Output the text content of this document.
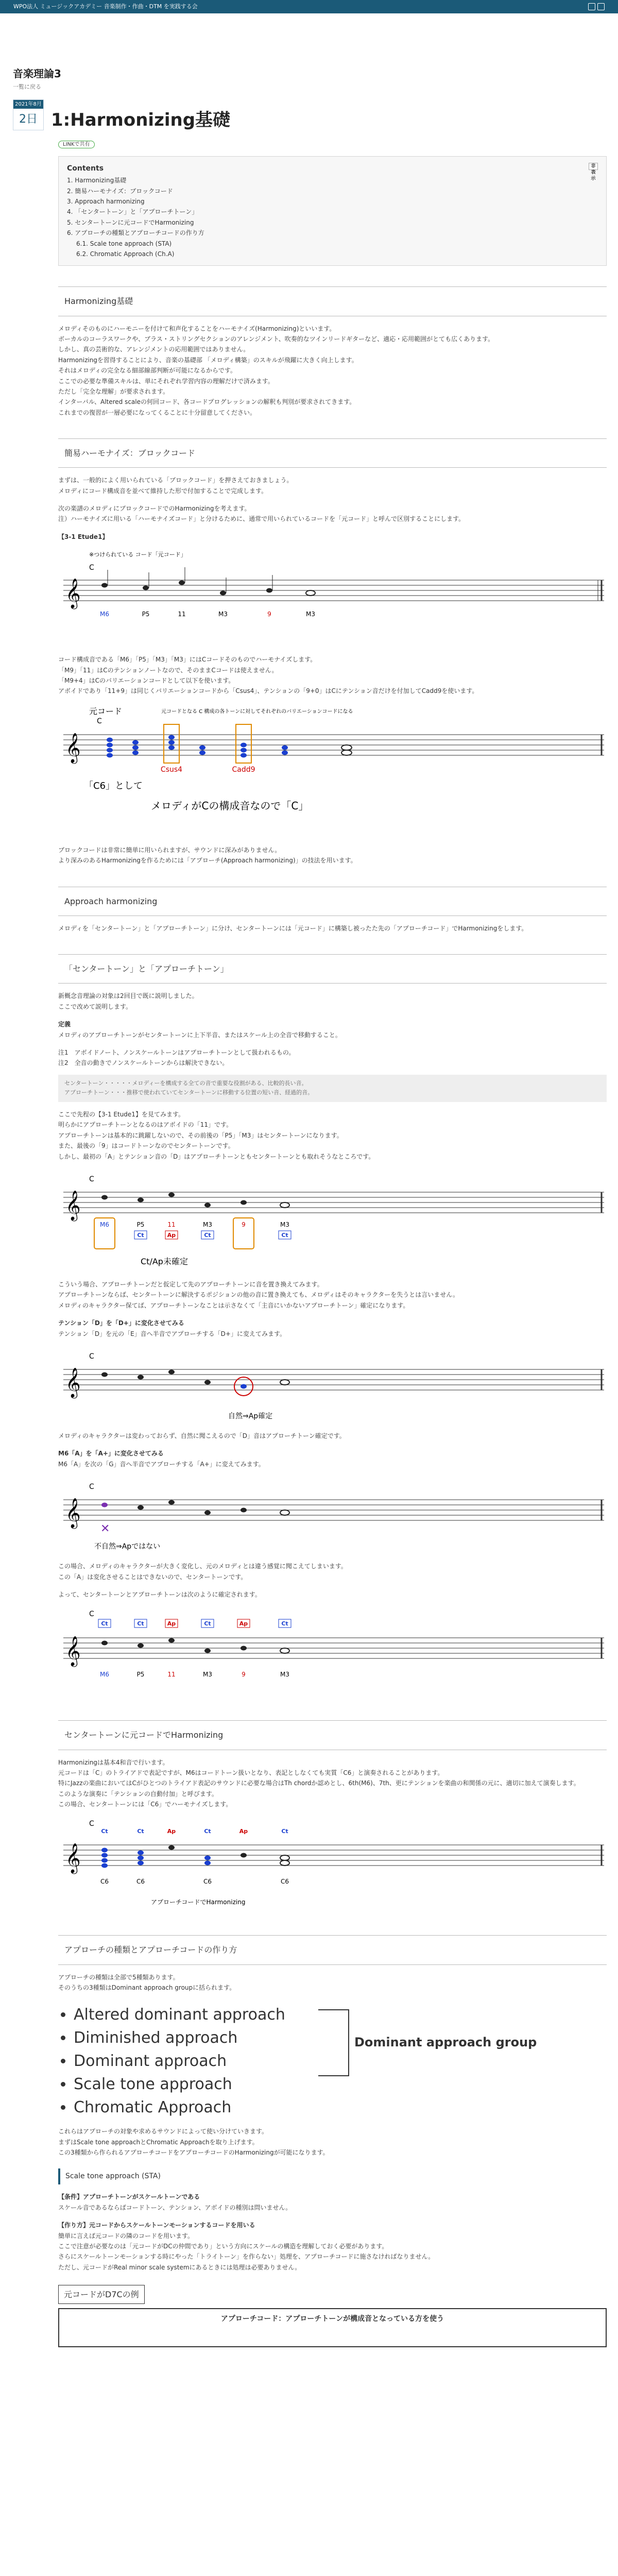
WPO法人 ミュージックアカデミー 音楽制作・作曲・DTM を実践する会
音楽理論3
一覧に戻る
2021年8月
2日 1:Harmonizing基礎
LINKで共有
Contents	非表示
1. Harmonizing基礎
2. 簡易ハーモナイズ：ブロックコード
3. Approach harmonizing
4. 「センタートーン」と「アプローチトーン」
5. センタートーンに元コードでHarmonizing
6. アプローチの種類とアプローチコードの作り方
6.1. Scale tone approach (STA)
6.2. Chromatic Approach (Ch.A)
Harmonizing基礎

メロディそのものにハーモニーを付けて和声化することをハーモナイズ(Harmonizing)といいます。
ボーカルのコーラスワークや、ブラス・ストリングセクションのアレンジメント、吹奏的なツインリードギターなど、適応・応用範囲がとても広くあります。
しかし、真の芸術的な、アレンジメントの応用範囲ではありません。
Harmonizingを習得することにより、音楽の基礎部 「メロディ構築」のスキルが飛躍に大きく向上します。
それはメロディの完全なる細部線部判断が可能になるからです。
ここでの必要な準備スキルは、単にそれぞれ学習内容の理解だけで済みます。
ただし「完全な理解」が要求されます。
インターバル、Altered scaleの何回コード、各コードプログレッションの解釈も判別が要求されてきます。
これまでの復習が一層必要になってくることに十分留意してください。

簡易ハーモナイズ：ブロックコード

まずは、一般的によく用いられている「ブロックコード」を押さえておきましょう。
メロディにコード構成音を並べて維持した形で付加することで完成します。

次の楽譜のメロディにブロックコードでのHarmonizingを考えます。
注）ハーモナイズに用いる「ハーモナイズコード」と分けるために、通常で用いられているコードを「元コード」と呼んで区別することにします。

【3-1 Etude1】

※つけられている コード「元コード」
C
𝄞
M6	P5	11	M3	9	M3

コード構成音である「M6」「P5」「M3」「M3」にはCコードそのものでハーモナイズします。
「M9」「11」はCのテンションノートなので、そのままCコードは使えません。
「M9+4」はCのバリエーションコードとして以下を使います。
アボイドであり「11+9」は同じくバリエーションコードから「Csus4」、テンションの「9+0」はCにテンション音だけを付加してCadd9を使います。

元コード
C
元コードとなる C 構成の各トーンに対してそれぞれのバリエーションコードになる
𝄞
Csus4	Cadd9
「C6」として
メロディがCの構成音なので「C」

ブロックコードは非常に簡単に用いられますが、サウンドに深みがありません。
より深みのあるHarmonizingを作るためには「アプローチ(Approach harmonizing)」の技法を用います。

Approach harmonizing

メロディを「センタートーン」と「アプローチトーン」に分け、センタートーンには「元コード」に構築し被ったた先の「アプローチコード」でHarmonizingをします。

「センタートーン」と「アプローチトーン」

新概念音理論の対象は2回目で既に説明しました。
ここで改めて説明します。

定義
メロディのアプローチトーンがセンタートーンに上下半音、またはスケール上の全音で移動すること。

注1　アボイドノート、ノンスケールトーンはアプローチトーンとして扱われるもの。
注2　全音の動きでノンスケールトーンからは解決できない。

センタートーン・・・・・メロディーを構成する全ての音で重要な役割がある、比較的長い音。
アプローチトーン・・・推移で使われていてセンタートーンに移動する位置の短い音、経過的音。

ここで先程の【3-1 Etude1】を見てみます。
明らかにアプローチトーンとなるのはアボイドの「11」です。
アプローチトーンは基本的に跳躍しないので、その前後の「P5」「M3」はセンタートーンになります。
また、最後の「9」はコードトーンなのでセンタートーンです。
しかし、最初の「A」とテンション音の「D」はアプローチトーンともセンタートーンとも取れそうなところです。

C
𝄞
M6	P5	11	M3	9	M3
Ct	Ap	Ct	Ct
Ct/Ap未確定

こういう場合、アプローチトーンだと仮定して先のアプローチトーンに音を置き換えてみます。
アプローチトーンならば、センタートーンに解決するポジションの他の音に置き換えても、メロディはそのキャラクターを失うとは言いません。
メロディのキャラクター保てば、アプローチトーンなことは示さなくて「主音にいかないアプローチトーン」確定になります。

テンション「D」を「D+」に変化させてみる
テンション「D」を元の「E」音へ半音でアプローチする「D+」に変えてみます。

C
𝄞
自然⇒Ap確定

メロディのキャラクターは変わっておらず、自然に聞こえるので「D」音はアプローチトーン確定です。

M6「A」を「A+」に変化させてみる
M6「A」を次の「G」音へ半音でアプローチする「A+」に変えてみます。

C
𝄞
✕
不自然⇒Apではない

この場合、メロディのキャラクターが大きく変化し、元のメロディとは違う感覚に聞こえてしまいます。
この「A」は変化させることはできないので、センタートーンです。

よって、センタートーンとアプローチトーンは次のように確定されます。

C
Ct	Ct	Ap	Ct	Ap	Ct
𝄞
M6	P5	11	M3	9	M3
センタートーンに元コードでHarmonizing

Harmonizingは基本4和音で行います。
元コードは「C」のトライアドで表記ですが、M6はコードトーン扱いとなり、表記としなくても実質「C6」と演奏されることがあります。
特にJazzの楽曲においてはCがひとつのトライアド表記のサウンドに必要な場合はTh chordか認めとし、6th(M6)、7th、更にテンションを楽曲の和関係の元に、適切に加えて演奏します。
このような演奏に「テンションの自動付加」と呼びます。
この場合、センタートーンには「C6」でハーモナイズします。

C
Ct	Ct	Ap	Ct	Ap	Ct
𝄞
C6	C6	C6	C6
アプローチコードでHarmonizing
アプローチの種類とアプローチコードの作り方

アプローチの種類は全部で5種類あります。
そのうちの3種類はDominant approach groupに括られます。

• Altered dominant approach
• Diminished approach
• Dominant approach
• Scale tone approach
• Chromatic Approach
Dominant approach group

これらはアプローチの対象や求めるサウンドによって使い分けていきます。
まずはScale tone approachとChromatic Approachを取り上げます。
この3種類から作られるアプローチコードをアプローチコードのHarmonizingが可能になります。

Scale tone approach (STA)

【条件】アプローチトーンがスケールトーンである
スケール音であるならばコードトーン、テンション、アボイドの種別は問いません。

【作り方】元コードからスケールトーンモーションするコードを用いる
簡単に言えば元コードの隣のコードを用います。
ここで注意が必要なのは「元コードがDCの仲間であり」という方向にスケールの構造を理解しておく必要があります。
さらにスケールトーンモーションする時にやった「トライトーン」を作らない」処理を、アプローチコードに施さなければなりません。
ただし、元コードがReal minor scale systemにあるときには処理は必要ありません。

元コードがD7Cの例
アプローチコード：アプローチトーンが構成音となっている方を使う
